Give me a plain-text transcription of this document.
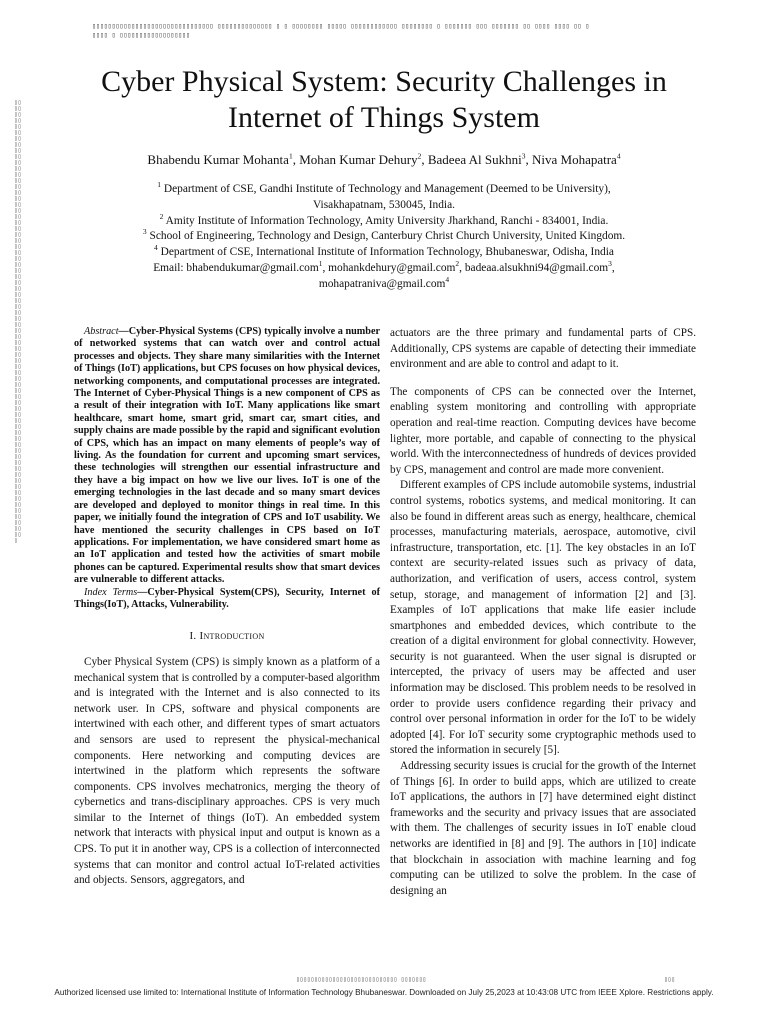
▯▯▯▯▯▯▯▯▯▯▯▯▯▯▯▯▯▯▯▯▯▯▯▯▯▯▯▯▯▯▯ ▯▯▯▯▯▯▯▯▯▯▯▯▯▯ ▯ ▯ ▯▯▯▯▯▯▯▯ ▯▯▯▯▯ ▯▯▯▯▯▯▯▯▯▯▯▯ ▯▯▯▯▯▯▯▯ ▯ ▯▯▯▯▯▯▯ ▯▯▯ ▯▯▯▯▯▯▯ ▯▯ ▯▯▯▯ ▯▯▯▯ ▯▯ ▯ ▯▯▯▯ ▯ ▯▯▯▯▯▯▯▯▯▯▯▯▯▯▯▯▯▯
▯▯▯▯▯▯▯▯▯▯▯▯▯▯▯▯▯▯▯▯▯▯▯▯▯▯▯▯▯▯▯▯▯▯▯▯▯▯▯▯▯▯▯▯▯▯▯▯▯▯▯▯▯▯▯▯▯▯▯▯▯▯▯▯▯▯▯▯▯▯▯▯▯▯▯▯▯▯▯▯▯▯▯▯▯▯▯▯▯▯▯▯▯▯▯▯▯▯▯▯▯▯▯▯▯▯▯▯▯▯▯▯▯▯▯▯▯▯▯▯▯▯▯▯▯▯▯▯▯▯▯▯▯▯▯▯▯▯▯▯▯▯▯▯▯▯▯
Cyber Physical System: Security Challenges in Internet of Things System
Bhabendu Kumar Mohanta$^1$, Mohan Kumar Dehury$^2$, Badeea Al Sukhni$^3$, Niva Mohapatra$^4$
$^1$ Department of CSE, Gandhi Institute of Technology and Management (Deemed to be University),
Visakhapatnam, 530045, India.
$^2$ Amity Institute of Information Technology, Amity University Jharkhand, Ranchi - 834001, India.
$^3$ School of Engineering, Technology and Design, Canterbury Christ Church University, United Kingdom.
$^4$ Department of CSE, International Institute of Information Technology, Bhubaneswar, Odisha, India
Email: bhabendukumar@gmail.com$^1$, mohankdehury@gmail.com$^2$, badeaa.alsukhni94@gmail.com$^3$,
mohapatraniva@gmail.com$^4$

Abstract—Cyber-Physical Systems (CPS) typically involve a number of networked systems that can watch over and control actual processes and objects. They share many similarities with the Internet of Things (IoT) applications, but CPS focuses on how physical devices, networking components, and computational processes are integrated. The Internet of Cyber-Physical Things is a new component of CPS as a result of their integration with IoT. Many applications like smart healthcare, smart home, smart grid, smart car, smart cities, and supply chains are made possible by the rapid and significant evolution of CPS, which has an impact on many elements of people’s way of living. As the foundation for current and upcoming smart services, these technologies will strengthen our essential infrastructure and they have a big impact on how we live our lives. IoT is one of the emerging technologies in the last decade and so many smart devices are developed and deployed to monitor things in real time. In this paper, we initially found the integration of CPS and IoT usability. We have mentioned the security challenges in CPS based on IoT applications. For implementation, we have considered smart home as an IoT application and tested how the activities of smart mobile phones can be captured. Experimental results show that smart devices are vulnerable to different attacks.

Index Terms—Cyber-Physical System(CPS), Security, Internet of Things(IoT), Attacks, Vulnerability.

I. Introduction

Cyber Physical System (CPS) is simply known as a platform of a mechanical system that is controlled by a computer-based algorithm and is integrated with the Internet and is also connected to its network user. In CPS, software and physical components are intertwined with each other, and different types of smart actuators and sensors are used to represent the physical-mechanical components. Here networking and computing devices are intertwined in the platform which represents the software components. CPS involves mechatronics, merging the theory of cybernetics and trans-disciplinary approaches. CPS is very much similar to the Internet of things (IoT). An embedded system network that interacts with physical input and output is known as a CPS. To put it in another way, CPS is a collection of interconnected systems that can monitor and control actual IoT-related activities and objects. Sensors, aggregators, and

actuators are the three primary and fundamental parts of CPS. Additionally, CPS systems are capable of detecting their immediate environment and are able to control and adapt to it.

The components of CPS can be connected over the Internet, enabling system monitoring and controlling with appropriate operation and real-time reaction. Computing devices have become lighter, more portable, and capable of connecting to the physical world. With the interconnectedness of hundreds of devices provided by CPS, management and control are made more convenient.

Different examples of CPS include automobile systems, industrial control systems, robotics systems, and medical monitoring. It can also be found in different areas such as energy, healthcare, chemical processes, manufacturing materials, aerospace, automotive, civil infrastructure, transportation, etc. [1]. The key obstacles in an IoT context are security-related issues such as privacy of data, authorization, and verification of users, access control, system setup, storage, and management of information [2] and [3]. Examples of IoT applications that make life easier include smartphones and embedded devices, which contribute to the creation of a digital environment for global connectivity. However, security is not guaranteed. When the user signal is disrupted or intercepted, the privacy of users may be affected and user information may be disclosed. This problem needs to be resolved in order to provide users confidence regarding their privacy and control over personal information in order for the IoT to be widely adopted [4]. For IoT security some cryptographic methods used to stored the information in securely [5].

Addressing security issues is crucial for the growth of the Internet of Things [6]. In order to build apps, which are utilized to create IoT applications, the authors in [7] have determined eight distinct frameworks and the security and privacy issues that are associated with them. The challenges of security issues in IoT enable cloud networks are identified in [8] and [9]. The authors in [10] indicate that blockchain in association with machine learning and fog computing can be utilized to solve the problem. In the case of designing an

▯▯▯▯▯▯▯▯▯▯▯▯▯▯▯▯▯▯▯▯▯▯▯▯▯▯▯▯ ▯▯▯▯▯▯▯	▯▯▯
Authorized licensed use limited to: International Institute of Information Technology Bhubaneswar. Downloaded on July 25,2023 at 10:43:08 UTC from IEEE Xplore. Restrictions apply.
